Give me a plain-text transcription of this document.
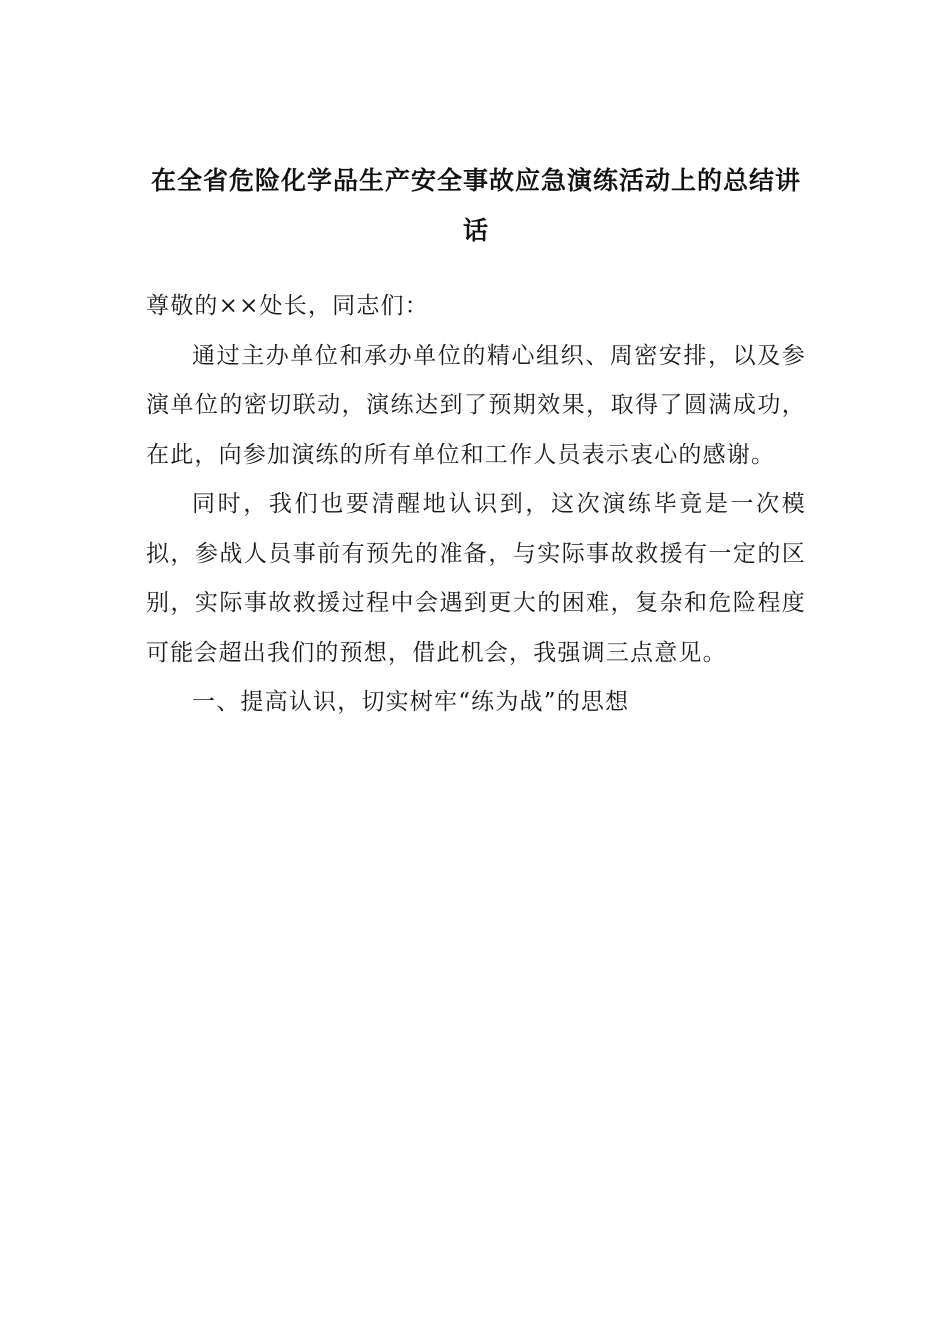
在全省危险化学品生产安全事故应急演练活动上的总结讲话

尊敬的××处长，同志们：

通过主办单位和承办单位的精心组织、周密安排，以及参演单位的密切联动，演练达到了预期效果，取得了圆满成功，在此，向参加演练的所有单位和工作人员表示衷心的感谢。

同时，我们也要清醒地认识到，这次演练毕竟是一次模拟，参战人员事前有预先的准备，与实际事故救援有一定的区别，实际事故救援过程中会遇到更大的困难，复杂和危险程度可能会超出我们的预想，借此机会，我强调三点意见。

一、提高认识，切实树牢“练为战”的思想
